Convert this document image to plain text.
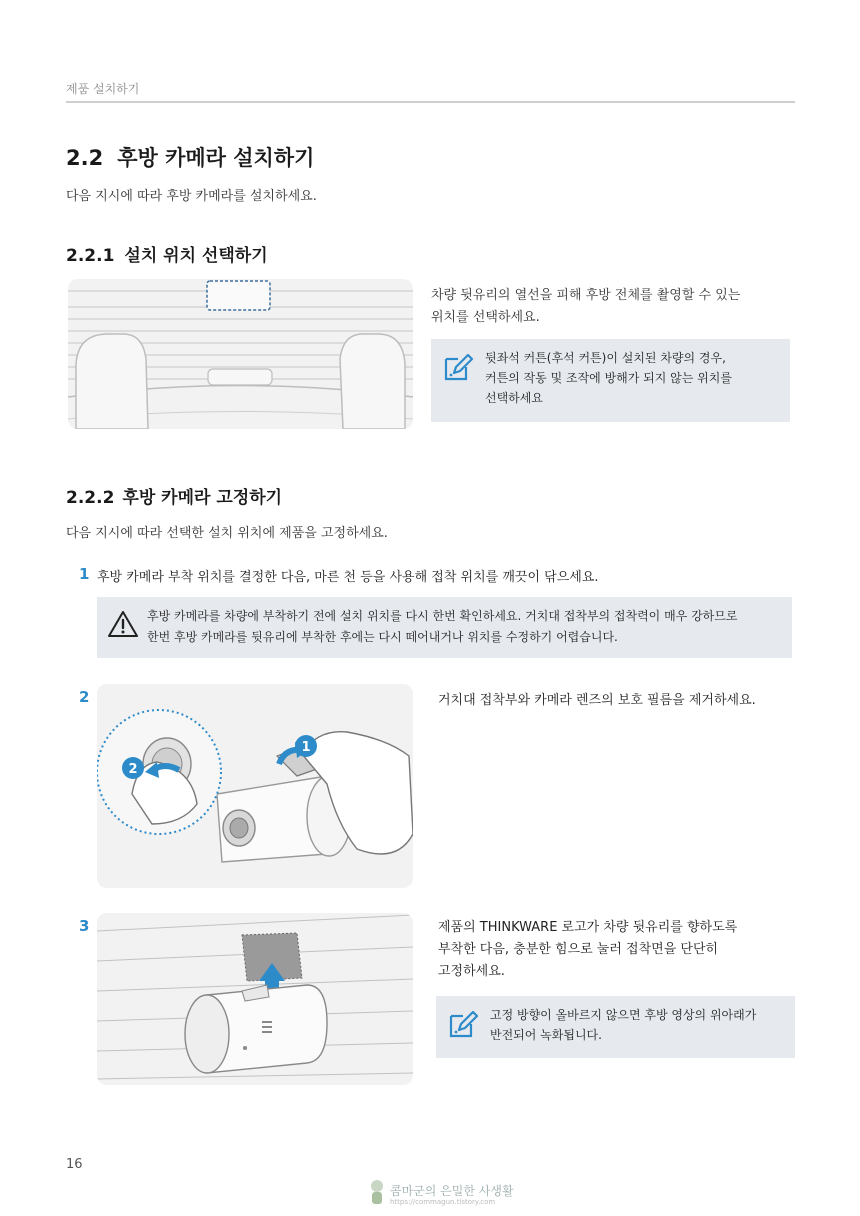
제품 설치하기
2.2 후방 카메라 설치하기
다음 지시에 따라 후방 카메라를 설치하세요.
2.2.1 설치 위치 선택하기
차량 뒷유리의 열선을 피해 후방 전체를 촬영할 수 있는
위치를 선택하세요.
뒷좌석 커튼(후석 커튼)이 설치된 차량의 경우,
커튼의 작동 및 조작에 방해가 되지 않는 위치를
선택하세요
2.2.2 후방 카메라 고정하기
다음 지시에 따라 선택한 설치 위치에 제품을 고정하세요.
1 후방 카메라 부착 위치를 결정한 다음, 마른 천 등을 사용해 접착 위치를 깨끗이 닦으세요.
후방 카메라를 차량에 부착하기 전에 설치 위치를 다시 한번 확인하세요. 거치대 접착부의 접착력이 매우 강하므로
한번 후방 카메라를 뒷유리에 부착한 후에는 다시 떼어내거나 위치를 수정하기 어렵습니다.
2
1
2
거치대 접착부와 카메라 렌즈의 보호 필름을 제거하세요.
3	제품의 THINKWARE 로고가 차량 뒷유리를 향하도록
부착한 다음, 충분한 힘으로 눌러 접착면을 단단히
고정하세요.
고정 방향이 올바르지 않으면 후방 영상의 위아래가
반전되어 녹화됩니다.
16
콤마군의 은밀한 사생활
https://commagun.tistory.com
